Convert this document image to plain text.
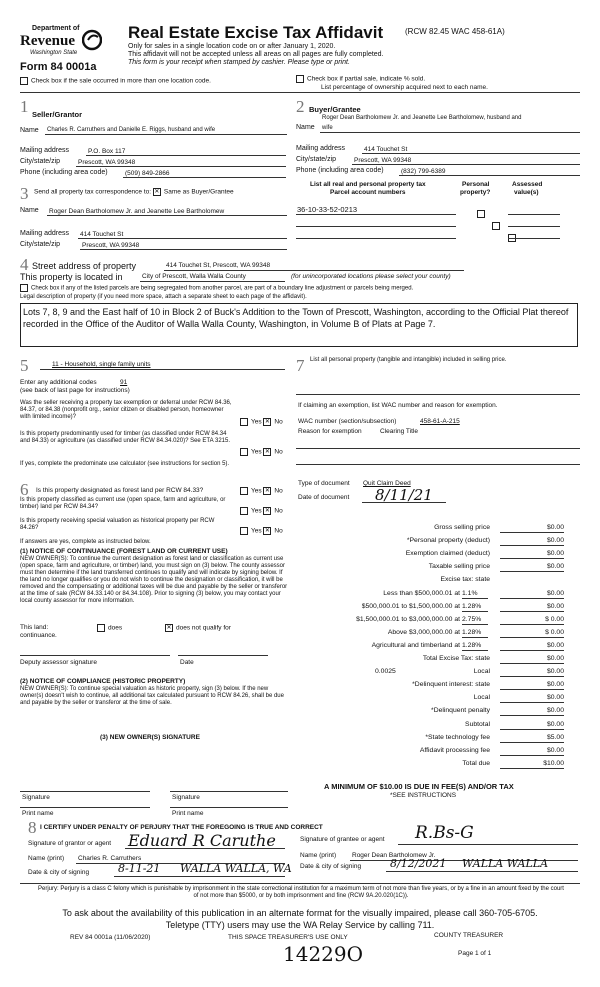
Department of
Revenue
Washington State
Form 84 0001a
Real Estate Excise Tax Affidavit	(RCW 82.45 WAC 458-61A)
Only for sales in a single location code on or after January 1, 2020.
This affidavit will not be accepted unless all areas on all pages are fully completed.
This form is your receipt when stamped by cashier. Please type or print.
Check box if the sale occurred in more than one location code.	Check box if partial sale, indicate % sold.
List percentage of ownership acquired next to each name.
1 Seller/Grantor
Name Charles R. Carruthers and Danielle E. Riggs, husband and wife
Mailing address	P.O. Box 117
City/state/zip	Prescott, WA 99348
Phone (including area code)	(509) 849-2866
2 Buyer/Grantee
Roger Dean Bartholomew Jr. and Jeanette Lee Bartholomew, husband and
Name wife
Mailing address	414 Touchet St
City/state/zip	Prescott, WA 99348
Phone (including area code)	(832) 799-6389
3 Send all property tax correspondence to: ✕ Same as Buyer/Grantee
Name Roger Dean Bartholomew Jr. and Jeanette Lee Bartholomew
Mailing address 414 Touchet St
City/state/zip	Prescott, WA 99348
List all real and personal property tax
Parcel account numbers
Personal
property?
Assessed
value(s)
36-10-33-52-0213

4 Street address of property	414 Touchet St, Prescott, WA 99348
This property is located in	City of Prescott, Walla Walla County	(for unincorporated locations please select your county)
Check box if any of the listed parcels are being segregated from another parcel, are part of a boundary line adjustment or parcels being merged.
Legal description of property (if you need more space, attach a separate sheet to each page of the affidavit).
Lots 7, 8, 9 and the East half of 10 in Block 2 of Buck's Addition to the Town of Prescott, Washington, according to the Official Plat thereof recorded in the Office of the Auditor of Walla Walla County, Washington, in Volume B of Plats at Page 7.
5	11 - Household, single family units
Enter any additional codes	91
(see back of last page for instructions)
Was the seller receiving a property tax exemption or deferral under RCW 84.36, 84.37, or 84.38 (nonprofit org., senior citizen or disabled person, homeowner with limited income)?
Yes ✕ No
Is this property predominantly used for timber (as classified under RCW 84.34 and 84.33) or agriculture (as classified under RCW 84.34.020)? See ETA 3215.
Yes ✕ No
If yes, complete the predominate use calculator (see instructions for section 5).
6 Is this property designated as forest land per RCW 84.33?	Yes ✕ No
Is this property classified as current use (open space, farm and agriculture, or timber) land per RCW 84.34?
Yes ✕ No
Is this property receiving special valuation as historical property per RCW 84.26?	Yes ✕ No
If answers are yes, complete as instructed below.
(1) NOTICE OF CONTINUANCE (FOREST LAND OR CURRENT USE)
NEW OWNER(S): To continue the current designation as forest land or classification as current use (open space, farm and agriculture, or timber) land, you must sign on (3) below. The county assessor must then determine if the land transferred continues to qualify and will indicate by signing below. If the land no longer qualifies or you do not wish to continue the designation or classification, it will be removed and the compensating or additional taxes will be due and payable by the seller or transferor at the time of sale (RCW 84.33.140 or 84.34.108). Prior to signing (3) below, you may contact your local county assessor for more information.
This land:
continuance.
does	✕ does not qualify for
Deputy assessor signature	Date
(2) NOTICE OF COMPLIANCE (HISTORIC PROPERTY)
NEW OWNER(S): To continue special valuation as historic property, sign (3) below. If the new owner(s) doesn't wish to continue, all additional tax calculated pursuant to RCW 84.26, shall be due and payable by the seller or transferor at the time of sale.
(3) NEW OWNER(S) SIGNATURE
Signature	Signature
Print name	Print name
7 List all personal property (tangible and intangible) included in selling price.
If claiming an exemption, list WAC number and reason for exemption.
WAC number (section/subsection)	458-61-A-215
Reason for exemption	Clearing Title
Type of document Quit Claim Deed
Date of document 8/11/21
Gross selling price	$0.00
*Personal property (deduct)	$0.00
Exemption claimed (deduct)	$0.00
Taxable selling price	$0.00
Excise tax: state
Less than $500,000.01 at 1.1%	$0.00
$500,000.01 to $1,500,000.00 at 1.28%	$0.00
$1,500,000.01 to $3,000,000.00 at 2.75%	$ 0.00
Above $3,000,000.00 at 1.28%	$ 0.00
Agricultural and timberland at 1.28%	$0.00
Total Excise Tax: state	$0.00
Local
0.0025	$0.00
*Delinquent interest: state	$0.00
Local	$0.00
*Delinquent penalty	$0.00
Subtotal	$0.00
*State technology fee	$5.00
Affidavit processing fee	$0.00
Total due	$10.00
A MINIMUM OF $10.00 IS DUE IN FEE(S) AND/OR TAX
*SEE INSTRUCTIONS
8 I CERTIFY UNDER PENALTY OF PERJURY THAT THE FOREGOING IS TRUE AND CORRECT
Signature of grantor or agent Eduard R Caruthe	Signature of grantee or agent R.Bs-G
Name (print) Charles R. Carruthers	Name (print) Roger Dean Bartholomew Jr.
Date & city of signing	8-11-21 WALLA WALLA, WA Date & city of signing	8/12/2021 WALLA WALLA
Perjury: Perjury is a class C felony which is punishable by imprisonment in the state correctional institution for a maximum term of not more than five years, or by a fine in an amount fixed by the court of not more than $5000, or by both imprisonment and fine (RCW 9A.20.020(1C)).
To ask about the availability of this publication in an alternate format for the visually impaired, please call 360-705-6705.
Teletype (TTY) users may use the WA Relay Service by calling 711.
REV 84 0001a (11/06/2020)	THIS SPACE TREASURER'S USE ONLY	COUNTY TREASURER
Page 1 of 1
14229O
